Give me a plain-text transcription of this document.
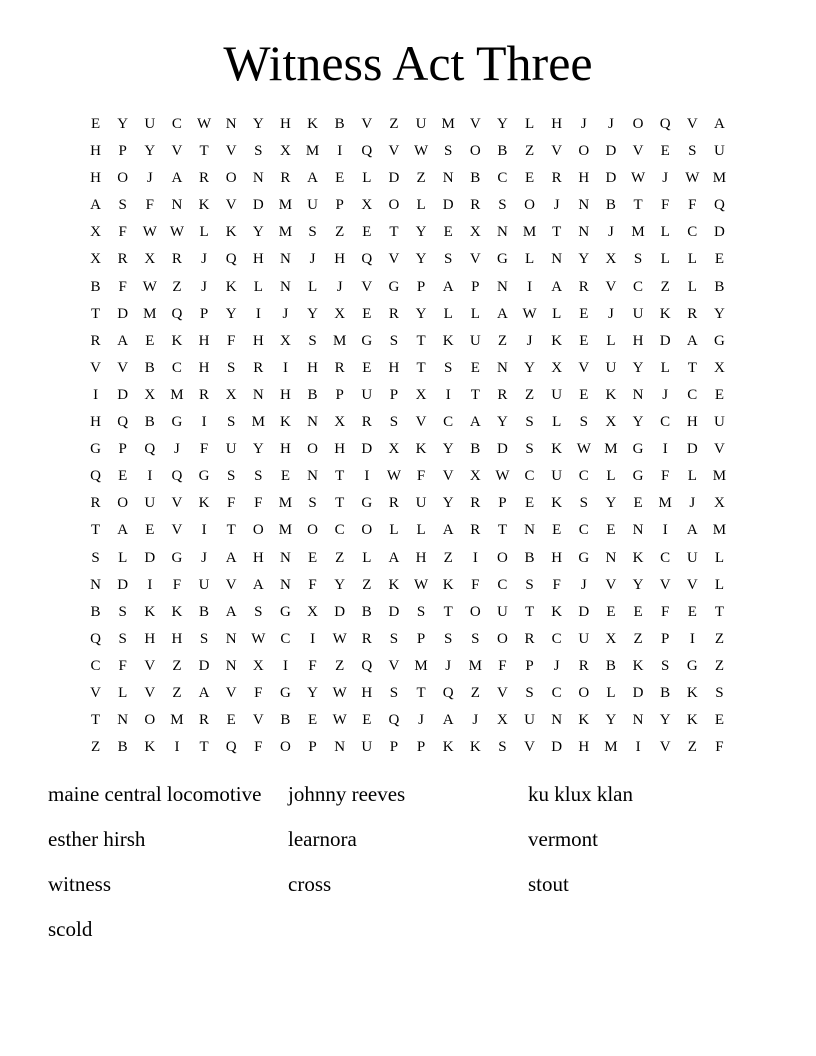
Witness Act Three
E	Y	U	C	W N	Y	H	K	B	V	Z	U	M	V	Y	L	H	J	J	O	Q	V	A
H	P	Y	V	T	V	S	X	M	I	Q	V W	S	O	B	Z	V	O	D	V	E	S	U
H	O	J	A	R	O	N	R	A	E	L	D	Z	N	B	C	E	R	H	D W	J	W M
A	S	F	N	K	V	D	M	U	P	X	O	L	D	R	S	O	J	N	B	T	F	F	Q
X	F	W W	L	K	Y	M	S	Z	E	T	Y	E	X	N	M	T	N	J	M	L	C	D
X	R	X	R	J	Q	H	N	J	H	Q	V	Y	S	V	G	L	N	Y	X	S	L	L	E
B	F	W	Z	J	K	L	N	L	J	V	G	P	A	P	N	I	A	R	V	C	Z	L	B
T	D	M	Q	P	Y	I	J	Y	X	E	R	Y	L	L	A W	L	E	J	U	K	R	Y
R	A	E	K	H	F	H	X	S	M	G	S	T	K	U	Z	J	K	E	L	H	D	A	G
V	V	B	C	H	S	R	I	H	R	E	H	T	S	E	N	Y	X	V	U	Y	L	T	X
I	D	X	M	R	X	N	H	B	P	U	P	X	I	T	R	Z	U	E	K	N	J	C	E
H	Q	B	G	I	S	M	K	N	X	R	S	V	C	A	Y	S	L	S	X	Y	C	H	U
G	P	Q	J	F	U	Y	H	O	H	D	X	K	Y	B	D	S	K W M	G	I	D	V
Q	E	I	Q	G	S	S	E	N	T	I	W	F	V	X W	C	U	C	L	G	F	L	M
R	O	U	V	K	F	F	M	S	T	G	R	U	Y	R	P	E	K	S	Y	E	M	J	X
T	A	E	V	I	T	O	M	O	C	O	L	L	A	R	T	N	E	C	E	N	I	A	M
S	L	D	G	J	A	H	N	E	Z	L	A	H	Z	I	O	B	H	G	N	K	C	U	L
N	D	I	F	U	V	A	N	F	Y	Z	K W K	F	C	S	F	J	V	Y	V	V	L
B	S	K	K	B	A	S	G	X	D	B	D	S	T	O	U	T	K	D	E	E	F	E	T
Q	S	H	H	S	N W	C	I	W	R	S	P	S	S	O	R	C	U	X	Z	P	I	Z
C	F	V	Z	D	N	X	I	F	Z	Q	V	M	J	M	F	P	J	R	B	K	S	G	Z
V	L	V	Z	A	V	F	G	Y W H	S	T	Q	Z	V	S	C	O	L	D	B	K	S
T	N	O	M	R	E	V	B	E	W	E	Q	J	A	J	X	U	N	K	Y	N	Y	K	E
Z	B	K	I	T	Q	F	O	P	N	U	P	P	K	K	S	V	D	H	M	I	V	Z	F
maine central locomotive	johnny reeves	ku klux klan
esther hirsh	learnora	vermont
witness	cross	stout
scold
